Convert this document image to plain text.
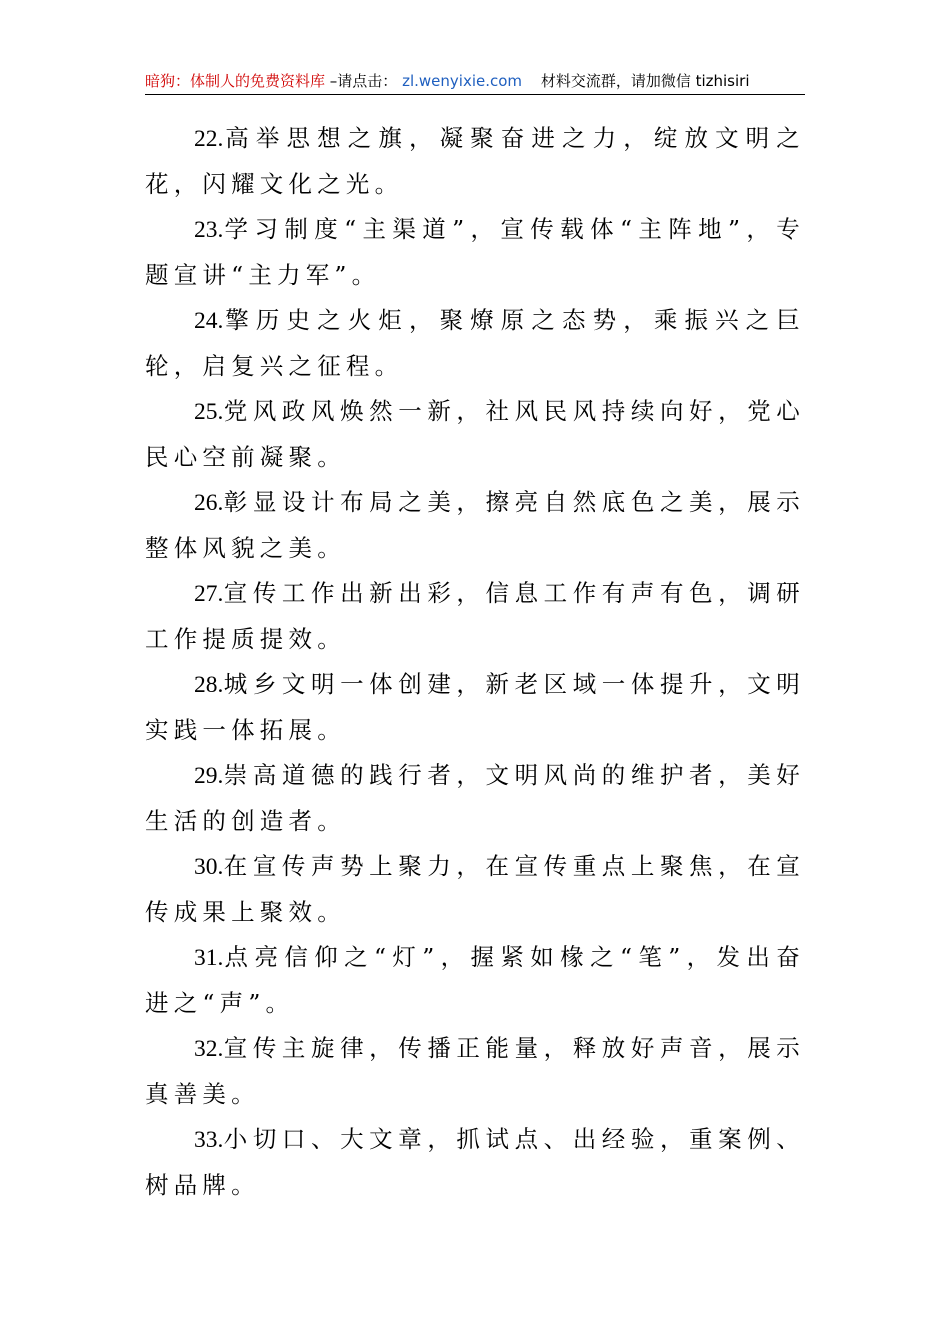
暗狗：体制人的免费资料库 –请点击： zl.wenyixie.com 材料交流群，请加微信 tizhisiri

22.高举思想之旗，凝聚奋进之力，绽放文明之花，闪耀文化之光。

23.学习制度“主渠道”，宣传载体“主阵地”，专题宣讲“主力军”。

24.擎历史之火炬，聚燎原之态势，乘振兴之巨轮，启复兴之征程。

25.党风政风焕然一新，社风民风持续向好，党心民心空前凝聚。

26.彰显设计布局之美，擦亮自然底色之美，展示整体风貌之美。

27.宣传工作出新出彩，信息工作有声有色，调研工作提质提效。

28.城乡文明一体创建，新老区域一体提升，文明实践一体拓展。

29.崇高道德的践行者，文明风尚的维护者，美好生活的创造者。

30.在宣传声势上聚力，在宣传重点上聚焦，在宣传成果上聚效。

31.点亮信仰之“灯”，握紧如椽之“笔”，发出奋进之“声”。

32.宣传主旋律，传播正能量，释放好声音，展示真善美。

33.小切口、大文章，抓试点、出经验，重案例、树品牌。
